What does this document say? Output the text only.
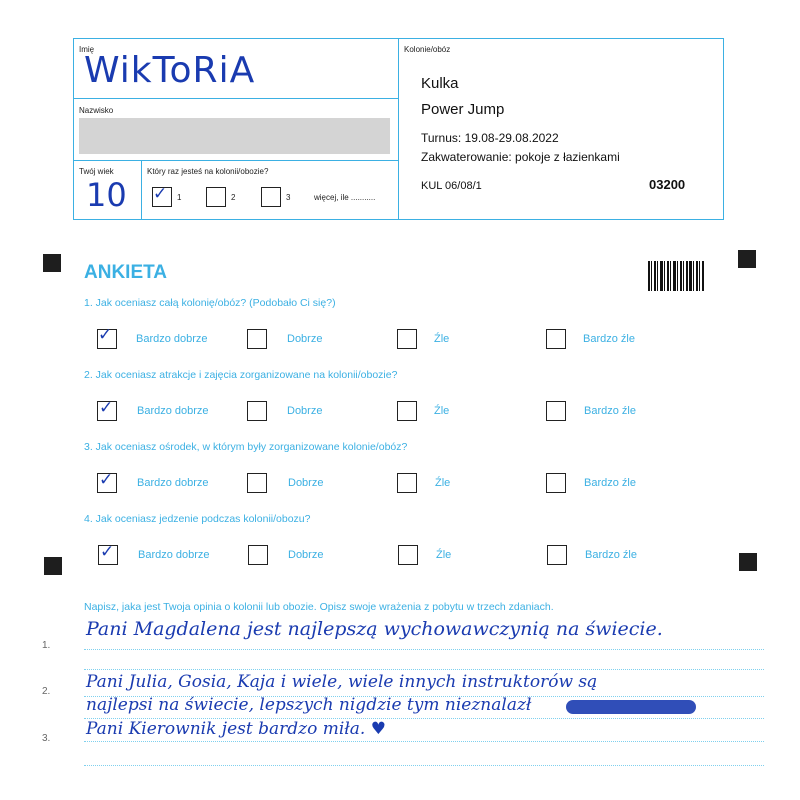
Imię
WikToRiA
Nazwisko
Twój wiek
10
Który raz jesteś na kolonii/obozie?
✓ 1	2	3	więcej, ile ...........
Kolonie/obóz
Kulka
Power Jump
Turnus: 19.08-29.08.2022
Zakwaterowanie: pokoje z łazienkami
KUL 06/08/1	03200
ANKIETA
1. Jak oceniasz całą kolonię/obóz? (Podobało Ci się?)
2. Jak oceniasz atrakcje i zajęcia zorganizowane na kolonii/obozie?
3. Jak oceniasz ośrodek, w którym były zorganizowane kolonie/obóz?
4. Jak oceniasz jedzenie podczas kolonii/obozu?
✓ Bardzo dobrze	Dobrze	Źle	Bardzo źle
✓ Bardzo dobrze	Dobrze	Źle	Bardzo źle
✓ Bardzo dobrze	Dobrze	Źle	Bardzo źle
✓ Bardzo dobrze	Dobrze	Źle	Bardzo źle
Napisz, jaka jest Twoja opinia o kolonii lub obozie. Opisz swoje wrażenia z pobytu w trzech zdaniach.
1.
2.
3.
Pani Magdalena jest najlepszą wychowawczynią na świecie.
Pani Julia, Gosia, Kaja i wiele, wiele innych instruktorów są
najlepsi na świecie, lepszych nigdzie tym nieznalazł
Pani Kierownik jest bardzo miła. ♥
